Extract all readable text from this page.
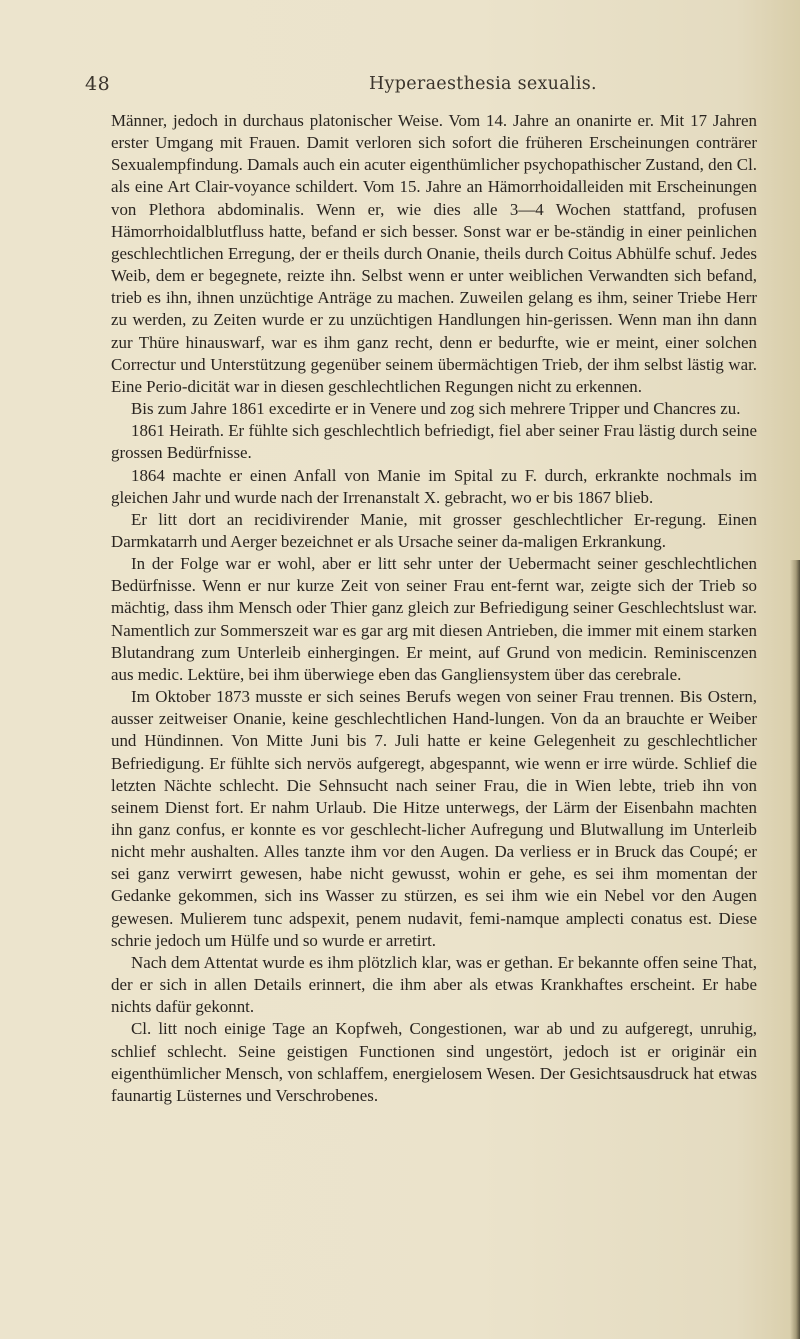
48	Hyperaesthesia sexualis.

Männer, jedoch in durchaus platonischer Weise. Vom 14. Jahre an onanirte er. Mit 17 Jahren erster Umgang mit Frauen. Damit verloren sich sofort die früheren Erscheinungen conträrer Sexualempfindung. Damals auch ein acuter eigenthümlicher psychopathischer Zustand, den Cl. als eine Art Clair-voyance schildert. Vom 15. Jahre an Hämorrhoidalleiden mit Erscheinungen von Plethora abdominalis. Wenn er, wie dies alle 3—4 Wochen stattfand, profusen Hämorrhoidalblutfluss hatte, befand er sich besser. Sonst war er be-ständig in einer peinlichen geschlechtlichen Erregung, der er theils durch Onanie, theils durch Coitus Abhülfe schuf. Jedes Weib, dem er begegnete, reizte ihn. Selbst wenn er unter weiblichen Verwandten sich befand, trieb es ihn, ihnen unzüchtige Anträge zu machen. Zuweilen gelang es ihm, seiner Triebe Herr zu werden, zu Zeiten wurde er zu unzüchtigen Handlungen hin-gerissen. Wenn man ihn dann zur Thüre hinauswarf, war es ihm ganz recht, denn er bedurfte, wie er meint, einer solchen Correctur und Unterstützung gegenüber seinem übermächtigen Trieb, der ihm selbst lästig war. Eine Perio-dicität war in diesen geschlechtlichen Regungen nicht zu erkennen.

Bis zum Jahre 1861 excedirte er in Venere und zog sich mehrere Tripper und Chancres zu.

1861 Heirath. Er fühlte sich geschlechtlich befriedigt, fiel aber seiner Frau lästig durch seine grossen Bedürfnisse.

1864 machte er einen Anfall von Manie im Spital zu F. durch, erkrankte nochmals im gleichen Jahr und wurde nach der Irrenanstalt X. gebracht, wo er bis 1867 blieb.

Er litt dort an recidivirender Manie, mit grosser geschlechtlicher Er-regung. Einen Darmkatarrh und Aerger bezeichnet er als Ursache seiner da-maligen Erkrankung.

In der Folge war er wohl, aber er litt sehr unter der Uebermacht seiner geschlechtlichen Bedürfnisse. Wenn er nur kurze Zeit von seiner Frau ent-fernt war, zeigte sich der Trieb so mächtig, dass ihm Mensch oder Thier ganz gleich zur Befriedigung seiner Geschlechtslust war. Namentlich zur Sommerszeit war es gar arg mit diesen Antrieben, die immer mit einem starken Blutandrang zum Unterleib einhergingen. Er meint, auf Grund von medicin. Reminiscenzen aus medic. Lektüre, bei ihm überwiege eben das Gangliensystem über das cerebrale.

Im Oktober 1873 musste er sich seines Berufs wegen von seiner Frau trennen. Bis Ostern, ausser zeitweiser Onanie, keine geschlechtlichen Hand-lungen. Von da an brauchte er Weiber und Hündinnen. Von Mitte Juni bis 7. Juli hatte er keine Gelegenheit zu geschlechtlicher Befriedigung. Er fühlte sich nervös aufgeregt, abgespannt, wie wenn er irre würde. Schlief die letzten Nächte schlecht. Die Sehnsucht nach seiner Frau, die in Wien lebte, trieb ihn von seinem Dienst fort. Er nahm Urlaub. Die Hitze unterwegs, der Lärm der Eisenbahn machten ihn ganz confus, er konnte es vor geschlecht-licher Aufregung und Blutwallung im Unterleib nicht mehr aushalten. Alles tanzte ihm vor den Augen. Da verliess er in Bruck das Coupé; er sei ganz verwirrt gewesen, habe nicht gewusst, wohin er gehe, es sei ihm momentan der Gedanke gekommen, sich ins Wasser zu stürzen, es sei ihm wie ein Nebel vor den Augen gewesen. Mulierem tunc adspexit, penem nudavit, femi-namque amplecti conatus est. Diese schrie jedoch um Hülfe und so wurde er arretirt.

Nach dem Attentat wurde es ihm plötzlich klar, was er gethan. Er bekannte offen seine That, der er sich in allen Details erinnert, die ihm aber als etwas Krankhaftes erscheint. Er habe nichts dafür gekonnt.

Cl. litt noch einige Tage an Kopfweh, Congestionen, war ab und zu aufgeregt, unruhig, schlief schlecht. Seine geistigen Functionen sind ungestört, jedoch ist er originär ein eigenthümlicher Mensch, von schlaffem, energielosem Wesen. Der Gesichtsausdruck hat etwas faunartig Lüsternes und Verschrobenes.
